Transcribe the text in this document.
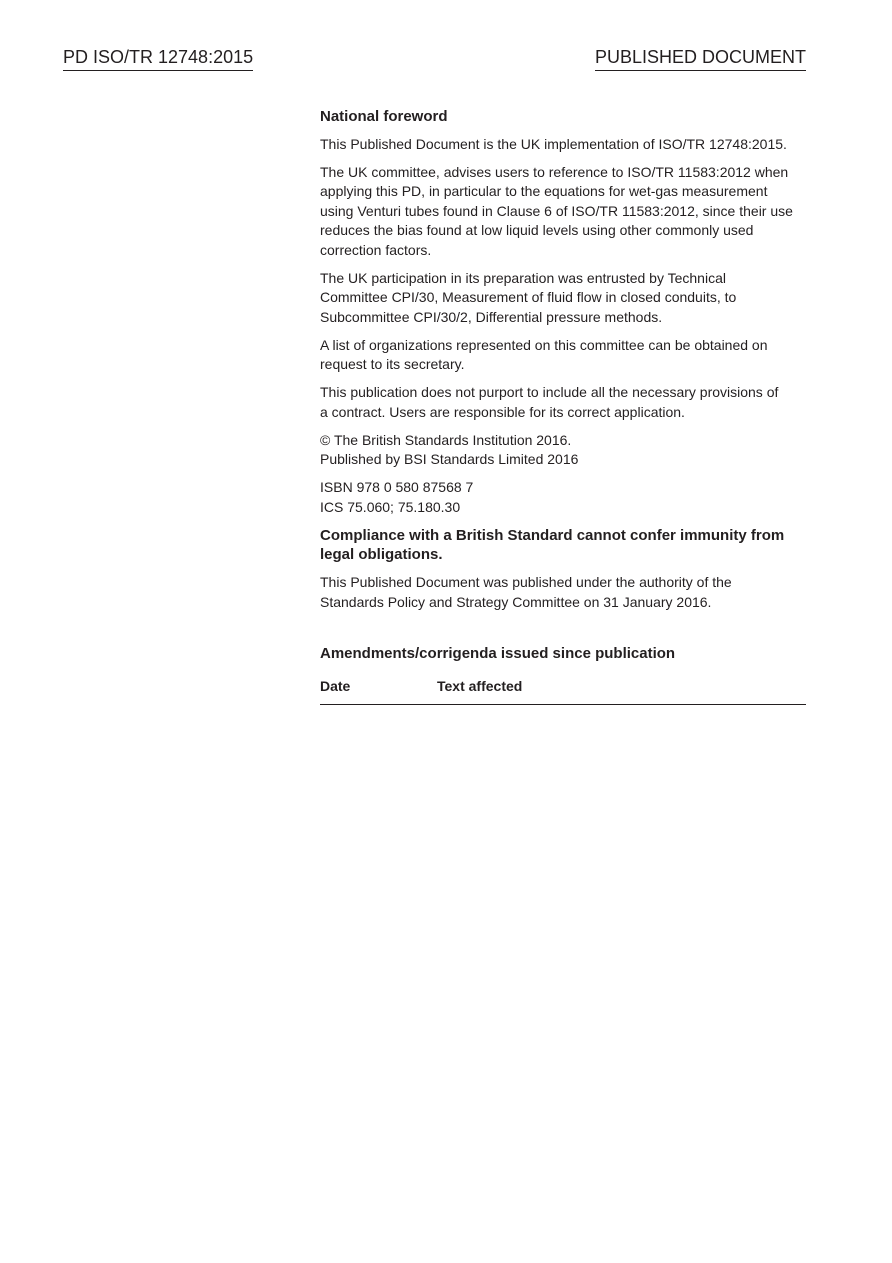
PD ISO/TR 12748:2015	PUBLISHED DOCUMENT
National foreword
This Published Document is the UK implementation of ISO/TR 12748:2015.
The UK committee, advises users to reference to ISO/TR 11583:2012 when
applying this PD, in particular to the equations for wet-gas measurement
using Venturi tubes found in Clause 6 of ISO/TR 11583:2012, since their use
reduces the bias found at low liquid levels using other commonly used
correction factors.
The UK participation in its preparation was entrusted by Technical
Committee CPI/30, Measurement of fluid flow in closed conduits, to
Subcommittee CPI/30/2, Differential pressure methods.
A list of organizations represented on this committee can be obtained on
request to its secretary.
This publication does not purport to include all the necessary provisions of
a contract. Users are responsible for its correct application.
© The British Standards Institution 2016.
Published by BSI Standards Limited 2016
ISBN 978 0 580 87568 7
ICS 75.060; 75.180.30
Compliance with a British Standard cannot confer immunity from
legal obligations.
This Published Document was published under the authority of the
Standards Policy and Strategy Committee on 31 January 2016.
Amendments/corrigenda issued since publication
Date	Text affected
